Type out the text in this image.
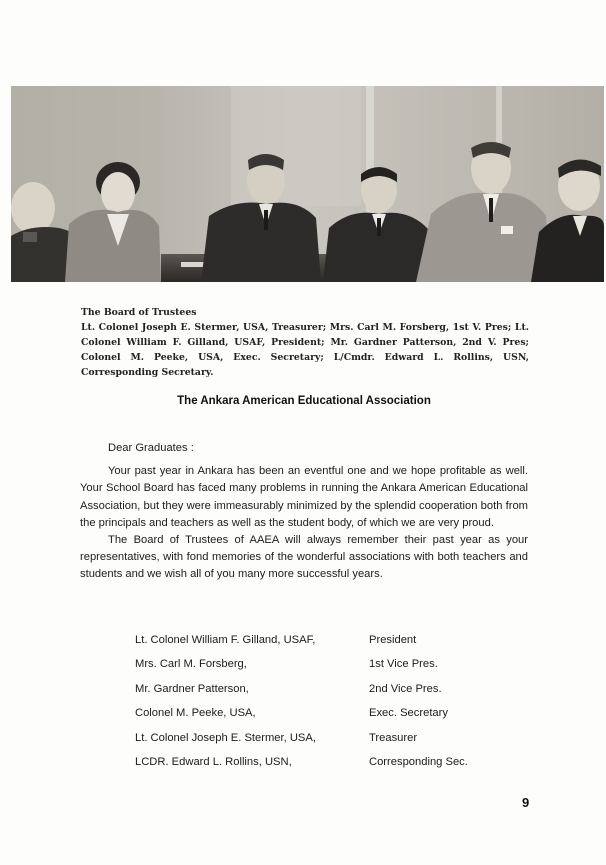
The Board of Trustees
Lt. Colonel Joseph E. Stermer, USA, Treasurer; Mrs. Carl M. Forsberg, 1st V. Pres; Lt. Colonel William F. Gilland, USAF, President; Mr. Gardner Patterson, 2nd V. Pres; Colonel M. Peeke, USA, Exec. Secretary; L/Cmdr. Edward L. Rollins, USN, Corresponding Secretary.
The Ankara American Educational Association

Dear Graduates :

Your past year in Ankara has been an eventful one and we hope profitable as well. Your School Board has faced many problems in running the Ankara American Educational Association, but they were immeasurably minimized by the splendid cooperation both from the principals and teachers as well as the student body, of which we are very proud.

The Board of Trustees of AAEA will always remember their past year as your representatives, with fond memories of the wonderful associations with both teachers and students and we wish all of you many more successful years.

Lt. Colonel William F. Gilland, USAF,	President
Mrs. Carl M. Forsberg,	1st Vice Pres.
Mr. Gardner Patterson,	2nd Vice Pres.
Colonel M. Peeke, USA,	Exec. Secretary
Lt. Colonel Joseph E. Stermer, USA,	Treasurer
LCDR. Edward L. Rollins, USN,	Corresponding Sec.
9
